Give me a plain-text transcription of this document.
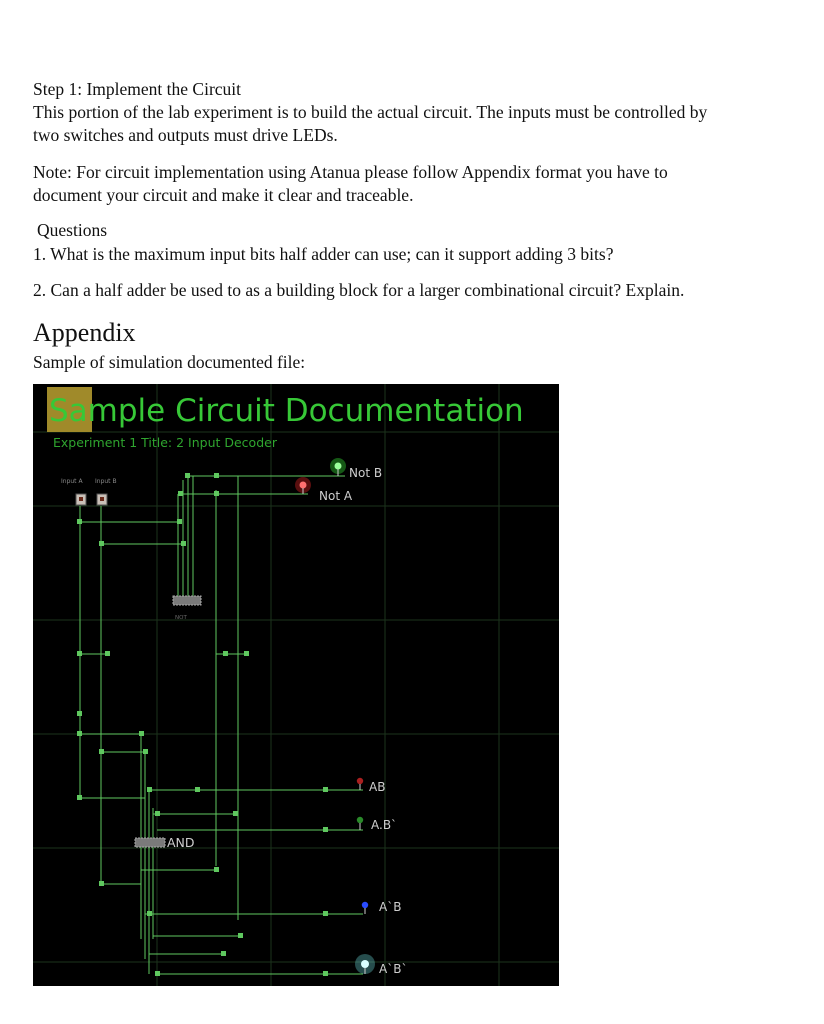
Step 1: Implement the Circuit
This portion of the lab experiment is to build the actual circuit. The inputs must be controlled by
two switches and outputs must drive LEDs.
Note: For circuit implementation using Atanua please follow Appendix format you have to
document your circuit and make it clear and traceable.
Questions
1. What is the maximum input bits half adder can use; can it support adding 3 bits?
2. Can a half adder be used to as a building block for a larger combinational circuit? Explain.
Appendix
Sample of simulation documented file:
Sample Circuit Documentation
Experiment 1 Title: 2 Input Decoder
Input A Input B
NOT
AND
Not B
Not A
AB
A.B`
A`B
A`B`
